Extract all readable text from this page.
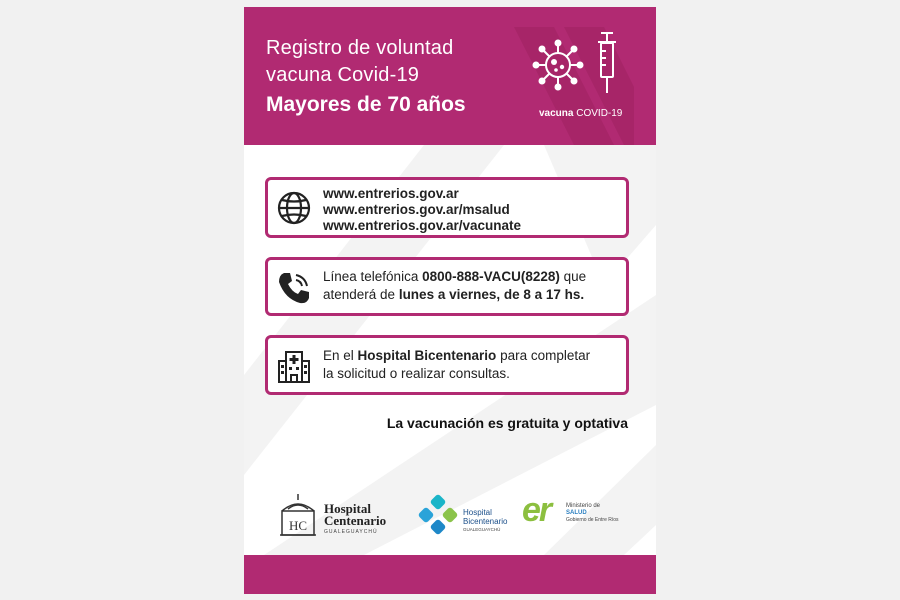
Registro de voluntad
vacuna Covid-19
Mayores de 70 años	vacuna COVID-19
www.entrerios.gov.ar
www.entrerios.gov.ar/msalud
www.entrerios.gov.ar/vacunate
Línea telefónica 0800-888-VACU(8228) que
atenderá de lunes a viernes, de 8 a 17 hs.
En el Hospital Bicentenario para completar
la solicitud o realizar consultas.
La vacunación es gratuita y optativa
HC
Hospital
Centenario
GUALEGUAYCHÚ
Hospital
Bicentenario
GUALEGUAYCHÚ
er	Ministerio de
SALUD
Gobierno de Entre Ríos
